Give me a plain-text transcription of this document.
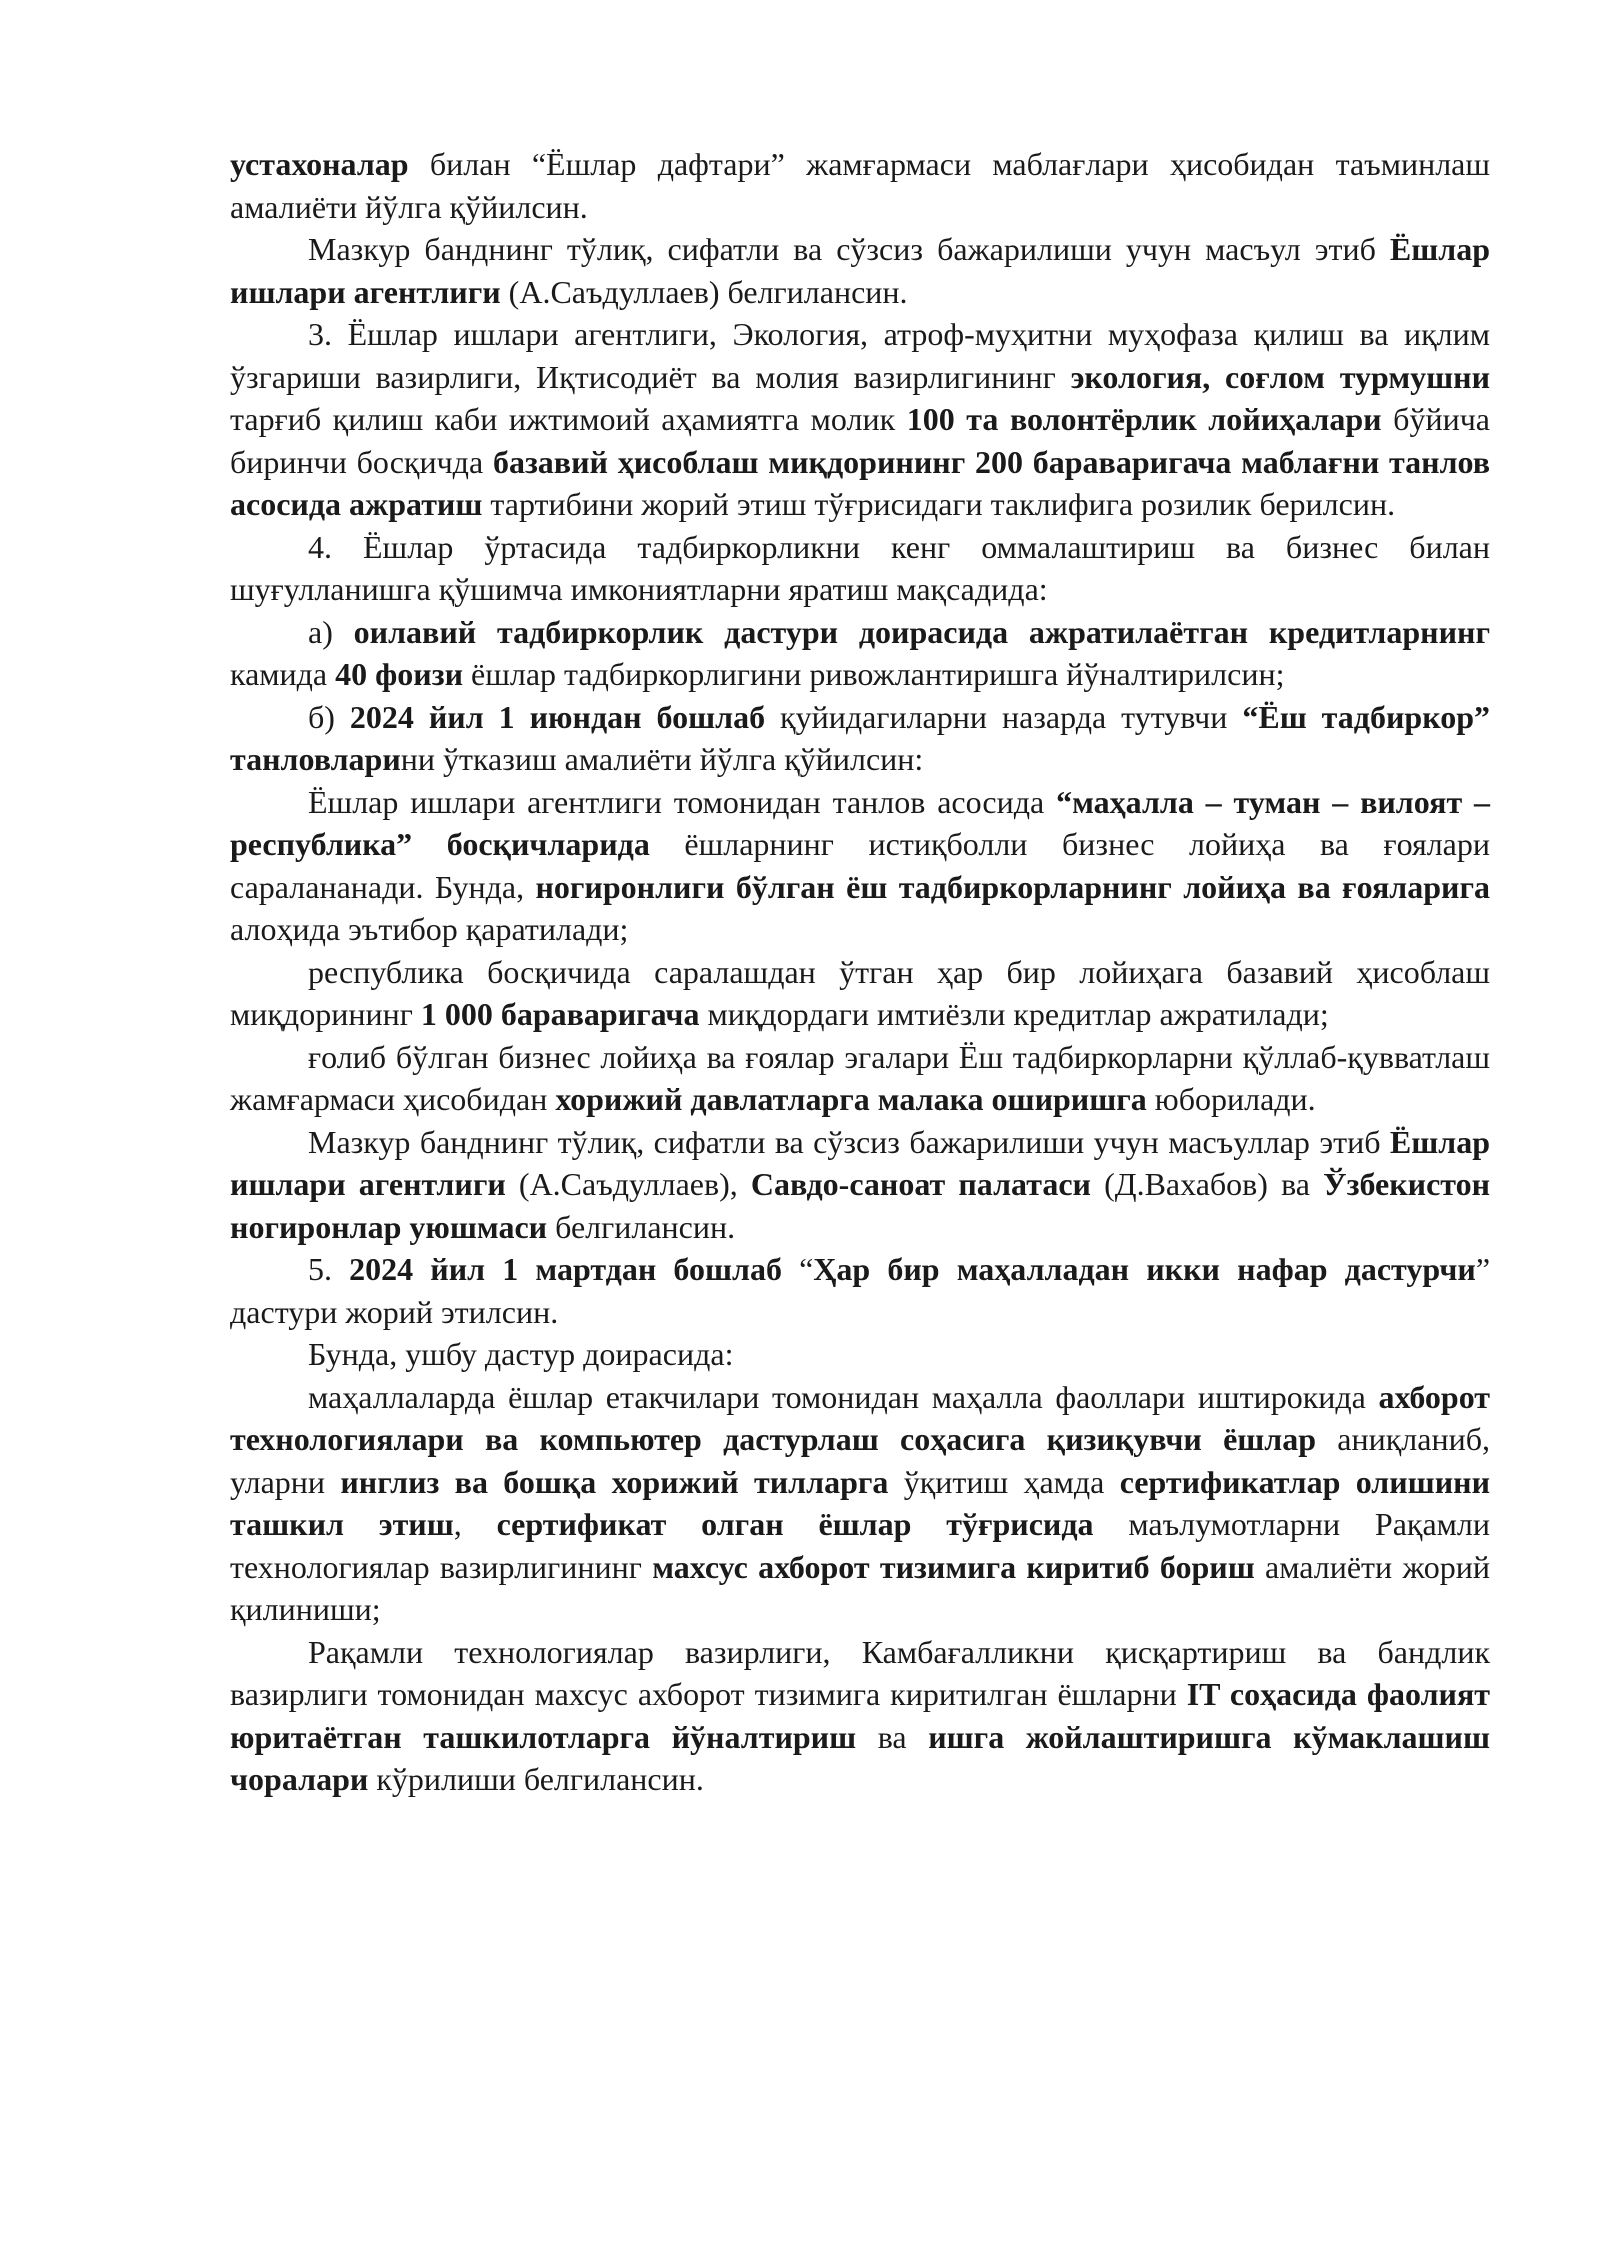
устахоналар билан “Ёшлар дафтари” жамғармаси маблағлари ҳисобидан таъминлаш амалиёти йўлга қўйилсин.

Мазкур банднинг тўлиқ, сифатли ва сўзсиз бажарилиши учун масъул этиб Ёшлар ишлари агентлиги (А.Саъдуллаев) белгилансин.

3. Ёшлар ишлари агентлиги, Экология, атроф-муҳитни муҳофаза қилиш ва иқлим ўзгариши вазирлиги, Иқтисодиёт ва молия вазирлигининг экология, соғлом турмушни тарғиб қилиш каби ижтимоий аҳамиятга молик 100 та волонтёрлик лойиҳалари бўйича биринчи босқичда базавий ҳисоблаш миқдорининг 200 бараваригача маблағни танлов асосида ажратиш тартибини жорий этиш тўғрисидаги таклифига розилик берилсин.

4. Ёшлар ўртасида тадбиркорликни кенг оммалаштириш ва бизнес билан шуғулланишга қўшимча имкониятларни яратиш мақсадида:

а) оилавий тадбиркорлик дастури доирасида ажратилаётган кредитларнинг камида 40 фоизи ёшлар тадбиркорлигини ривожлантиришга йўналтирилсин;

б) 2024 йил 1 июндан бошлаб қуйидагиларни назарда тутувчи “Ёш тадбиркор” танловларини ўтказиш амалиёти йўлга қўйилсин:

Ёшлар ишлари агентлиги томонидан танлов асосида “маҳалла – туман – вилоят – республика” босқичларида ёшларнинг истиқболли бизнес лойиҳа ва ғоялари саралананади. Бунда, ногиронлиги бўлган ёш тадбиркорларнинг лойиҳа ва ғояларига алоҳида эътибор қаратилади;

республика босқичида саралашдан ўтган ҳар бир лойиҳага базавий ҳисоблаш миқдорининг 1 000 бараваригача миқдордаги имтиёзли кредитлар ажратилади;

ғолиб бўлган бизнес лойиҳа ва ғоялар эгалари Ёш тадбиркорларни қўллаб-қувватлаш жамғармаси ҳисобидан хорижий давлатларга малака оширишга юборилади.

Мазкур банднинг тўлиқ, сифатли ва сўзсиз бажарилиши учун масъуллар этиб Ёшлар ишлари агентлиги (А.Саъдуллаев), Савдо-саноат палатаси (Д.Вахабов) ва Ўзбекистон ногиронлар уюшмаси белгилансин.

5. 2024 йил 1 мартдан бошлаб “Ҳар бир маҳалладан икки нафар дастурчи” дастури жорий этилсин.

Бунда, ушбу дастур доирасида:

маҳаллаларда ёшлар етакчилари томонидан маҳалла фаоллари иштирокида ахборот технологиялари ва компьютер дастурлаш соҳасига қизиқувчи ёшлар аниқланиб, уларни инглиз ва бошқа хорижий тилларга ўқитиш ҳамда сертификатлар олишини ташкил этиш, сертификат олган ёшлар тўғрисида маълумотларни Рақамли технологиялар вазирлигининг махсус ахборот тизимига киритиб бориш амалиёти жорий қилиниши;

Рақамли технологиялар вазирлиги, Камбағалликни қисқартириш ва бандлик вазирлиги томонидан махсус ахборот тизимига киритилган ёшларни IT соҳасида фаолият юритаётган ташкилотларга йўналтириш ва ишга жойлаштиришга кўмаклашиш чоралари кўрилиши белгилансин.
